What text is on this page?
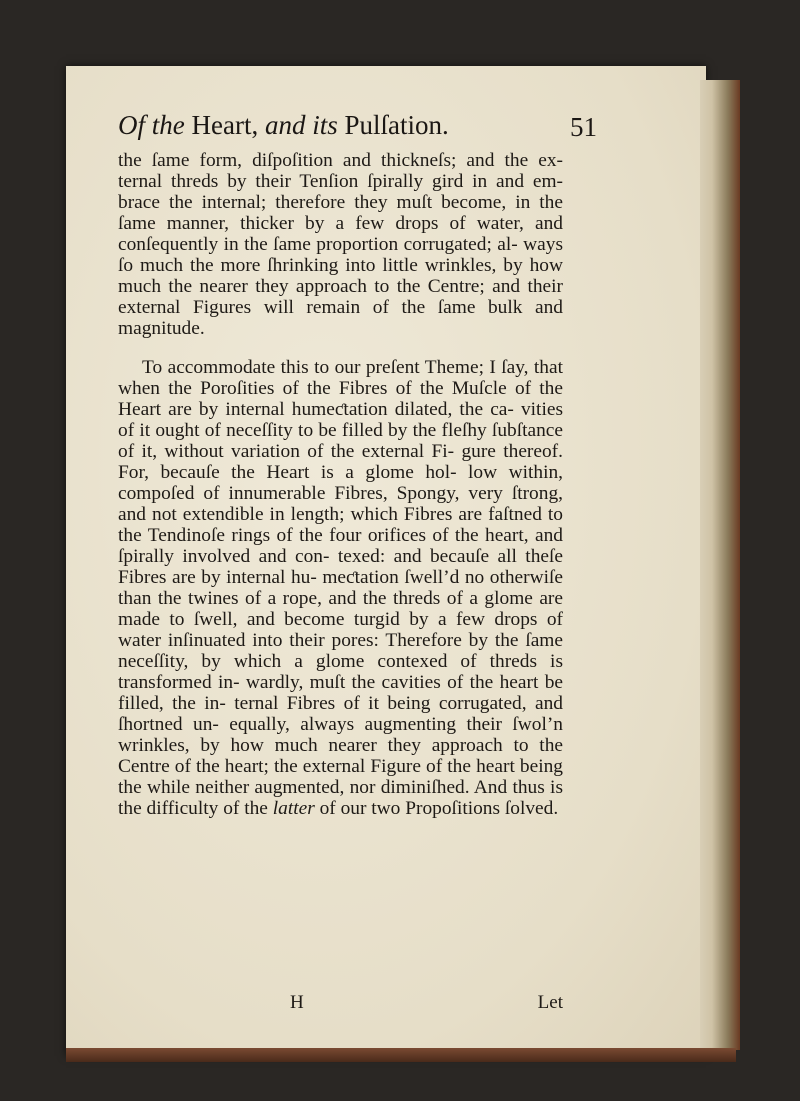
Of the Heart, and its Pulſation.	51

the ſame form, diſpoſition and thickneſs; and the ex- ternal threds by their Tenſion ſpirally gird in and em- brace the internal; therefore they muſt become, in the ſame manner, thicker by a few drops of water, and conſequently in the ſame proportion corrugated; al- ways ſo much the more ſhrinking into little wrinkles, by how much the nearer they approach to the Centre; and their external Figures will remain of the ſame bulk and magnitude.

To accommodate this to our preſent Theme; I ſay, that when the Poroſities of the Fibres of the Muſcle of the Heart are by internal humeƈtation dilated, the ca- vities of it ought of neceſſity to be filled by the fleſhy ſubſtance of it, without variation of the external Fi- gure thereof. For, becauſe the Heart is a glome hol- low within, compoſed of innumerable Fibres, Spongy, very ſtrong, and not extendible in length; which Fibres are faſtned to the Tendinoſe rings of the four orifices of the heart, and ſpirally involved and con- texed: and becauſe all theſe Fibres are by internal hu- meƈtation ſwell’d no otherwiſe than the twines of a rope, and the threds of a glome are made to ſwell, and become turgid by a few drops of water inſinuated into their pores: Therefore by the ſame neceſſity, by which a glome contexed of threds is transformed in- wardly, muſt the cavities of the heart be filled, the in- ternal Fibres of it being corrugated, and ſhortned un- equally, always augmenting their ſwol’n wrinkles, by how much nearer they approach to the Centre of the heart; the external Figure of the heart being the while neither augmented, nor diminiſhed. And thus is the difficulty of the latter of our two Propoſitions ſolved.

H	Let
